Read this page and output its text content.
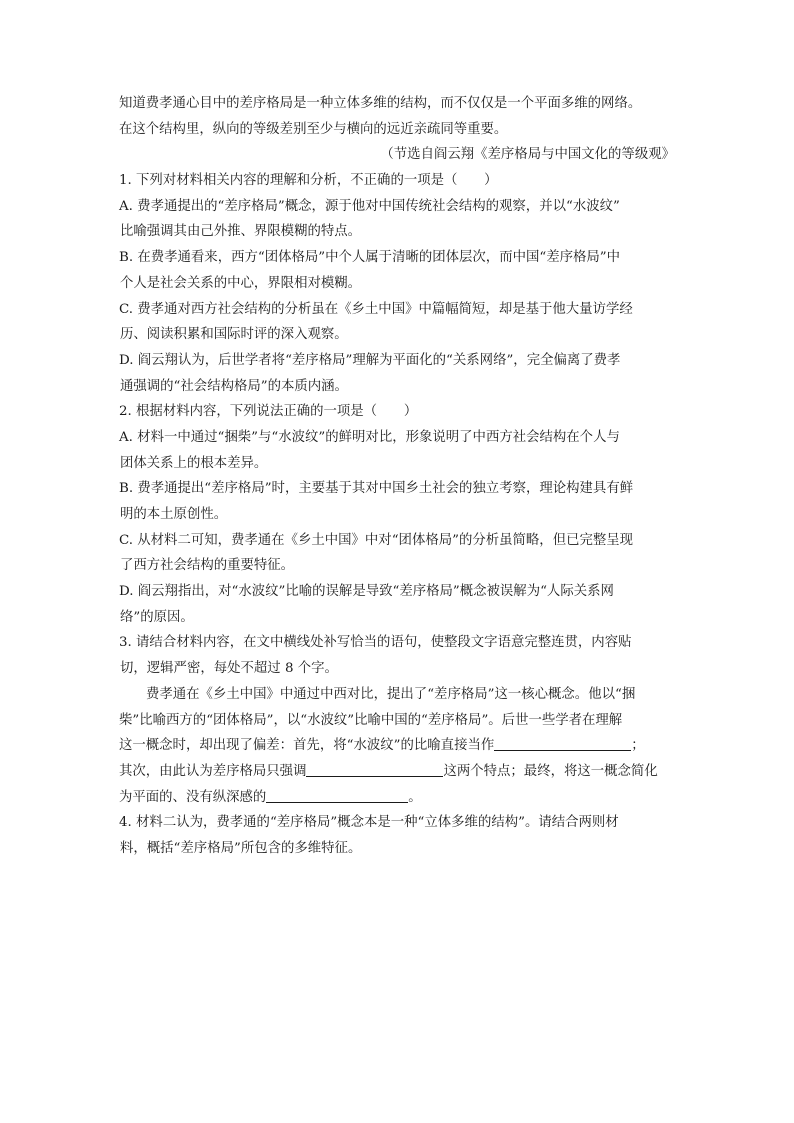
知道费孝通心目中的差序格局是一种立体多维的结构，而不仅仅是一个平面多维的网络。
在这个结构里，纵向的等级差别至少与横向的远近亲疏同等重要。
（节选自阎云翔《差序格局与中国文化的等级观》
1. 下列对材料相关内容的理解和分析，不正确的一项是（　　）
A. 费孝通提出的“差序格局”概念，源于他对中国传统社会结构的观察，并以“水波纹”
比喻强调其由己外推、界限模糊的特点。
B. 在费孝通看来，西方“团体格局”中个人属于清晰的团体层次，而中国“差序格局”中
个人是社会关系的中心，界限相对模糊。
C. 费孝通对西方社会结构的分析虽在《乡土中国》中篇幅简短，却是基于他大量访学经
历、阅读积累和国际时评的深入观察。
D. 阎云翔认为，后世学者将“差序格局”理解为平面化的“关系网络”，完全偏离了费孝
通强调的“社会结构格局”的本质内涵。
2. 根据材料内容，下列说法正确的一项是（　　）
A. 材料一中通过“捆柴”与“水波纹”的鲜明对比，形象说明了中西方社会结构在个人与
团体关系上的根本差异。
B. 费孝通提出“差序格局”时，主要基于其对中国乡土社会的独立考察，理论构建具有鲜
明的本土原创性。
C. 从材料二可知，费孝通在《乡土中国》中对“团体格局”的分析虽简略，但已完整呈现
了西方社会结构的重要特征。
D. 阎云翔指出，对“水波纹”比喻的误解是导致“差序格局”概念被误解为“人际关系网
络”的原因。
3. 请结合材料内容，在文中横线处补写恰当的语句，使整段文字语意完整连贯，内容贴
切，逻辑严密，每处不超过 8 个字。
费孝通在《乡土中国》中通过中西对比，提出了“差序格局”这一核心概念。他以“捆
柴”比喻西方的“团体格局”，以“水波纹”比喻中国的“差序格局”。后世一些学者在理解
这一概念时，却出现了偏差：首先，将“水波纹”的比喻直接当作	；
其次，由此认为差序格局只强调	这两个特点；最终，将这一概念简化
为平面的、没有纵深感的	。
4. 材料二认为，费孝通的“差序格局”概念本是一种“立体多维的结构”。请结合两则材
料，概括“差序格局”所包含的多维特征。
